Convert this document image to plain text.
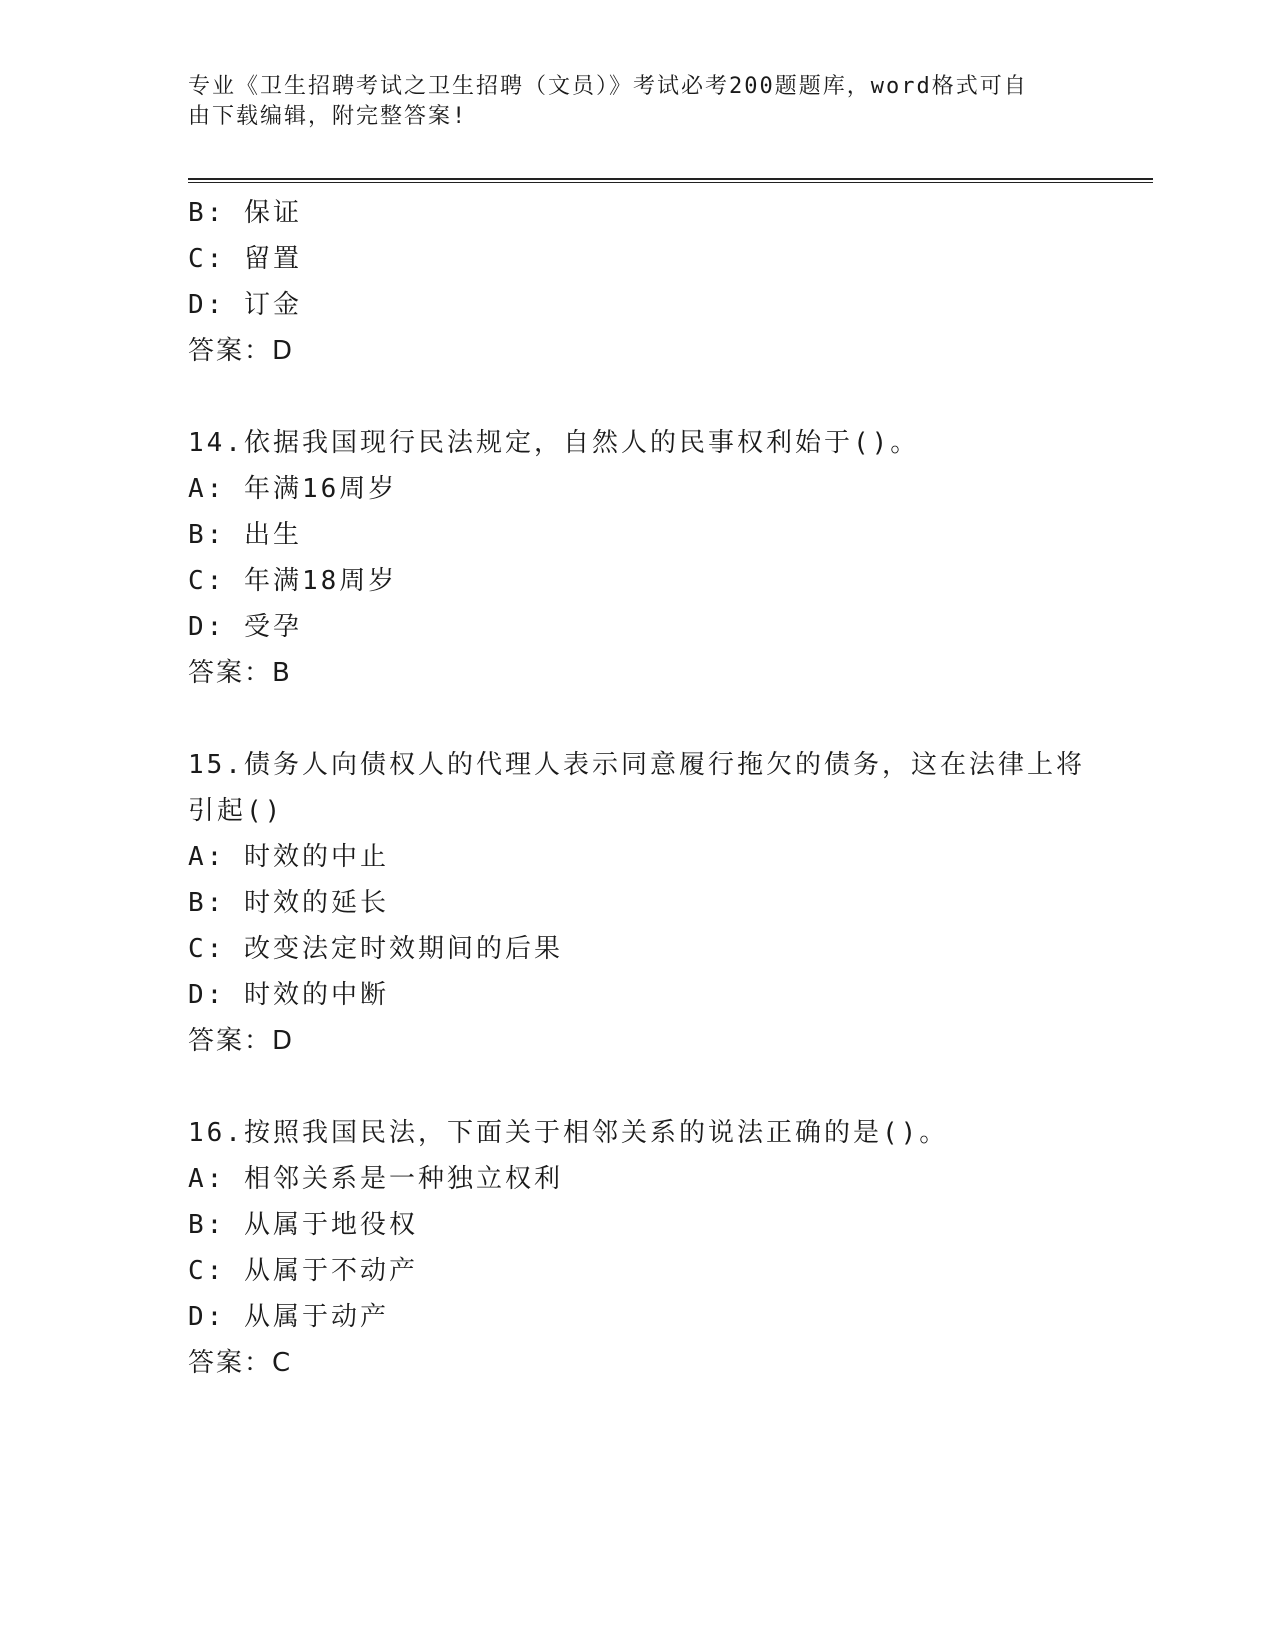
专业《卫生招聘考试之卫生招聘（文员）》考试必考200题题库，word格式可自
由下载编辑，附完整答案!
B: 保证
C: 留置
D: 订金
答案：D
14.依据我国现行民法规定，自然人的民事权利始于()。
A: 年满16周岁
B: 出生
C: 年满18周岁
D: 受孕
答案：B
15.债务人向债权人的代理人表示同意履行拖欠的债务，这在法律上将
引起()
A: 时效的中止
B: 时效的延长
C: 改变法定时效期间的后果
D: 时效的中断
答案：D
16.按照我国民法，下面关于相邻关系的说法正确的是()。
A: 相邻关系是一种独立权利
B: 从属于地役权
C: 从属于不动产
D: 从属于动产
答案：C
